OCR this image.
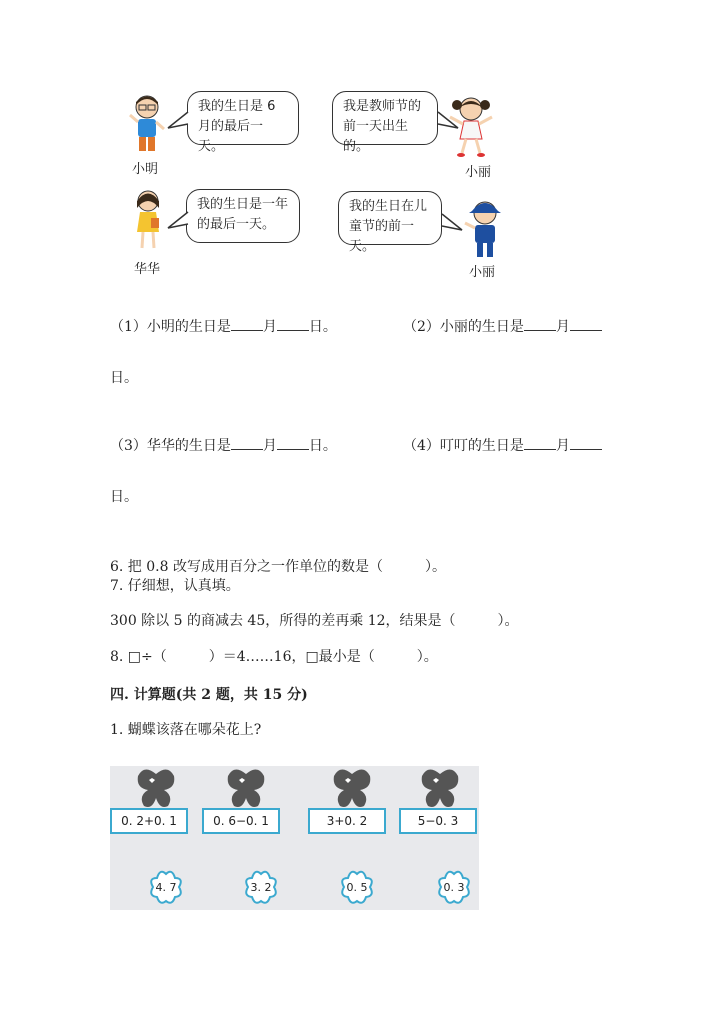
小明
我的生日是 6 月的最后一天。
我是教师节的前一天出生的。
小丽
华华
我的生日是一年的最后一天。
我的生日在儿童节的前一天。
小丽
（1）小明的生日是 月 日。	（2）小丽的生日是 月
日。
（3）华华的生日是 月 日。	（4）叮叮的生日是 月
日。
6. 把 0.8 改写成用百分之一作单位的数是（　　　）。
7. 仔细想，认真填。
300 除以 5 的商减去 45，所得的差再乘 12，结果是（　　　）。
8. □÷（　　　）＝4……16，□最小是（　　　）。
四. 计算题(共 2 题，共 15 分)
1. 蝴蝶该落在哪朵花上?
0. 2+0. 1	0. 6−0. 1	3+0. 2	5−0. 3
4. 7	3. 2	0. 5	0. 3
